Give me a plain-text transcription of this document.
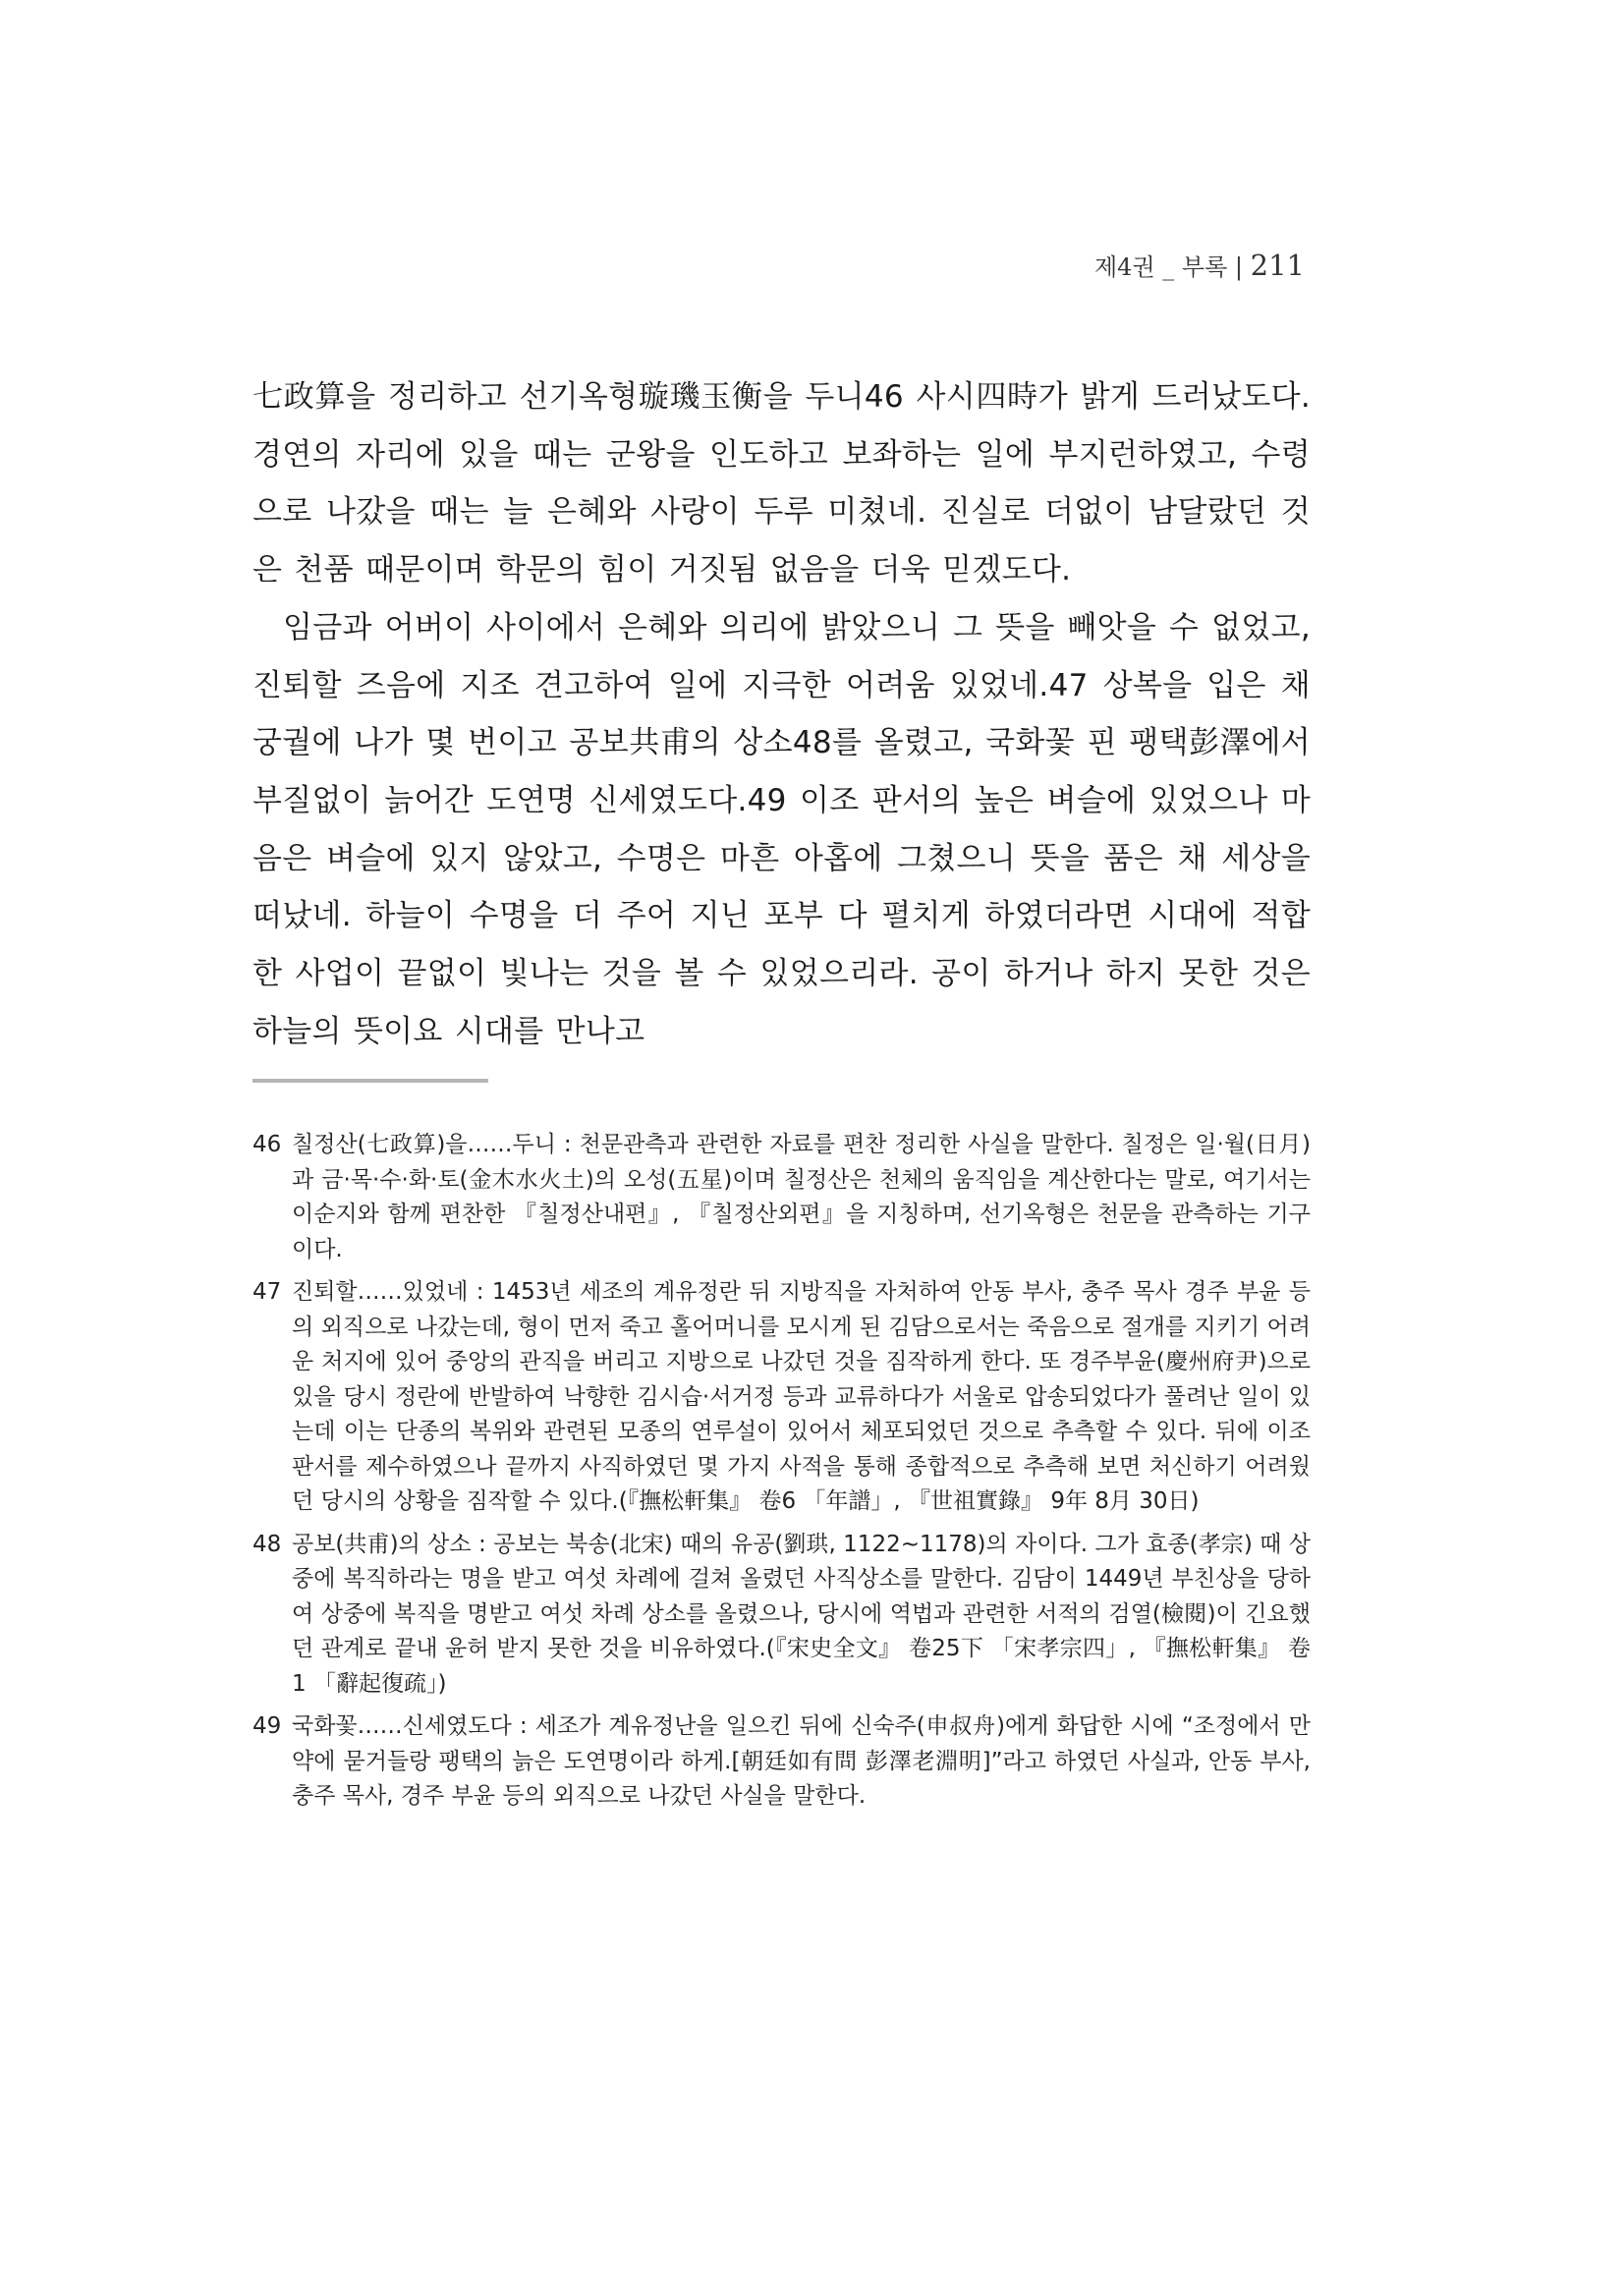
제4권 _ 부록 | 211

七政算을 정리하고 선기옥형璇璣玉衡을 두니46 사시四時가 밝게 드러났도다. 경연의 자리에 있을 때는 군왕을 인도하고 보좌하는 일에 부지런하였고, 수령으로 나갔을 때는 늘 은혜와 사랑이 두루 미쳤네. 진실로 더없이 남달랐던 것은 천품 때문이며 학문의 힘이 거짓됨 없음을 더욱 믿겠도다.

임금과 어버이 사이에서 은혜와 의리에 밝았으니 그 뜻을 빼앗을 수 없었고, 진퇴할 즈음에 지조 견고하여 일에 지극한 어려움 있었네.47 상복을 입은 채 궁궐에 나가 몇 번이고 공보共甫의 상소48를 올렸고, 국화꽃 핀 팽택彭澤에서 부질없이 늙어간 도연명 신세였도다.49 이조 판서의 높은 벼슬에 있었으나 마음은 벼슬에 있지 않았고, 수명은 마흔 아홉에 그쳤으니 뜻을 품은 채 세상을 떠났네. 하늘이 수명을 더 주어 지닌 포부 다 펼치게 하였더라면 시대에 적합한 사업이 끝없이 빛나는 것을 볼 수 있었으리라. 공이 하거나 하지 못한 것은 하늘의 뜻이요 시대를 만나고

46 칠정산(七政算)을……두니 : 천문관측과 관련한 자료를 편찬 정리한 사실을 말한다. 칠정은 일·월(日月)과 금·목·수·화·토(金木水火土)의 오성(五星)이며 칠정산은 천체의 움직임을 계산한다는 말로, 여기서는 이순지와 함께 편찬한 『칠정산내편』, 『칠정산외편』을 지칭하며, 선기옥형은 천문을 관측하는 기구이다.
47 진퇴할……있었네 : 1453년 세조의 계유정란 뒤 지방직을 자처하여 안동 부사, 충주 목사 경주 부윤 등의 외직으로 나갔는데, 형이 먼저 죽고 홀어머니를 모시게 된 김담으로서는 죽음으로 절개를 지키기 어려운 처지에 있어 중앙의 관직을 버리고 지방으로 나갔던 것을 짐작하게 한다. 또 경주부윤(慶州府尹)으로 있을 당시 정란에 반발하여 낙향한 김시습·서거정 등과 교류하다가 서울로 압송되었다가 풀려난 일이 있는데 이는 단종의 복위와 관련된 모종의 연루설이 있어서 체포되었던 것으로 추측할 수 있다. 뒤에 이조 판서를 제수하였으나 끝까지 사직하였던 몇 가지 사적을 통해 종합적으로 추측해 보면 처신하기 어려웠던 당시의 상황을 짐작할 수 있다.(『撫松軒集』 卷6 「年譜」, 『世祖實錄』 9年 8月 30日)
48 공보(共甫)의 상소 : 공보는 북송(北宋) 때의 유공(劉珙, 1122~1178)의 자이다. 그가 효종(孝宗) 때 상중에 복직하라는 명을 받고 여섯 차례에 걸쳐 올렸던 사직상소를 말한다. 김담이 1449년 부친상을 당하여 상중에 복직을 명받고 여섯 차례 상소를 올렸으나, 당시에 역법과 관련한 서적의 검열(檢閱)이 긴요했던 관계로 끝내 윤허 받지 못한 것을 비유하였다.(『宋史全文』 卷25下 「宋孝宗四」, 『撫松軒集』 卷1 「辭起復疏」)
49 국화꽃……신세였도다 : 세조가 계유정난을 일으킨 뒤에 신숙주(申叔舟)에게 화답한 시에 “조정에서 만약에 묻거들랑 팽택의 늙은 도연명이라 하게.[朝廷如有問 彭澤老淵明]”라고 하였던 사실과, 안동 부사, 충주 목사, 경주 부윤 등의 외직으로 나갔던 사실을 말한다.
